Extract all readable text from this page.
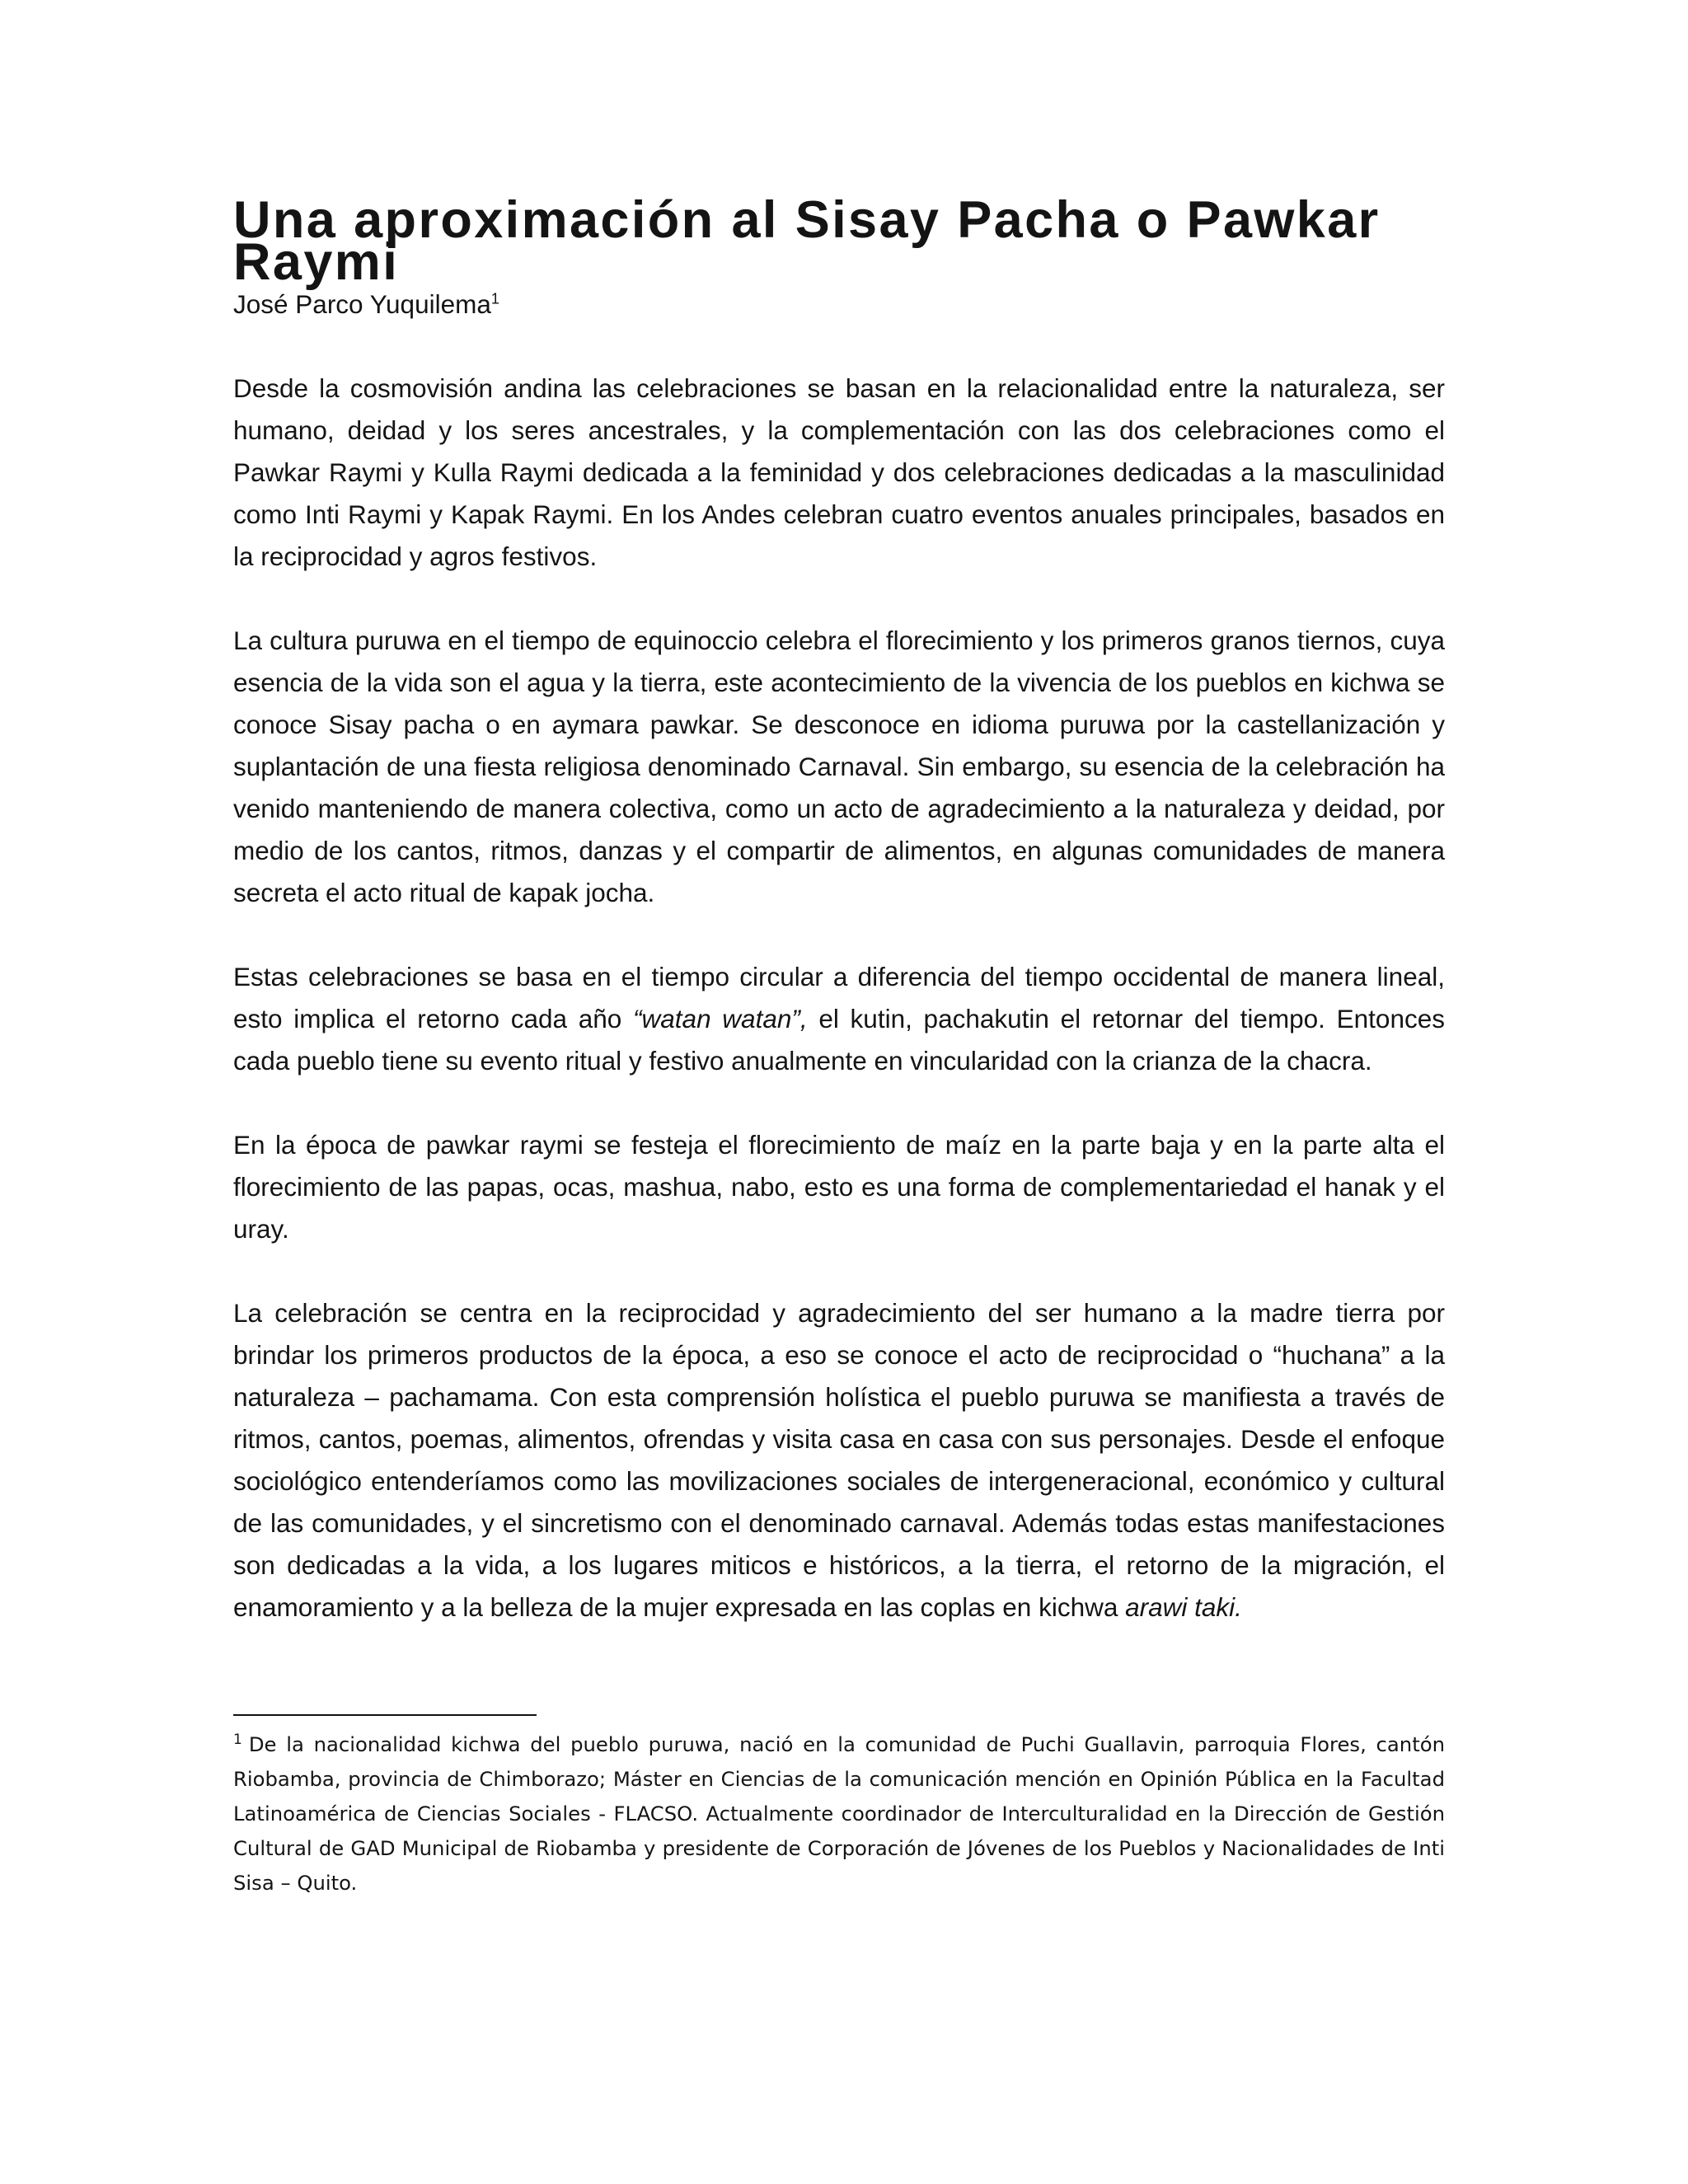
Una aproximación al Sisay Pacha o Pawkar Raymi

José Parco Yuquilema$^1$

Desde la cosmovisión andina las celebraciones se basan en la relacionalidad entre la naturaleza, ser humano, deidad y los seres ancestrales, y la complementación con las dos celebraciones como el Pawkar Raymi y Kulla Raymi dedicada a la feminidad y dos celebraciones dedicadas a la masculinidad como Inti Raymi y Kapak Raymi. En los Andes celebran cuatro eventos anuales principales, basados en la reciprocidad y agros festivos.

La cultura puruwa en el tiempo de equinoccio celebra el florecimiento y los primeros granos tiernos, cuya esencia de la vida son el agua y la tierra, este acontecimiento de la vivencia de los pueblos en kichwa se conoce Sisay pacha o en aymara pawkar. Se desconoce en idioma puruwa por la castellanización y suplantación de una fiesta religiosa denominado Carnaval. Sin embargo, su esencia de la celebración ha venido manteniendo de manera colectiva, como un acto de agradecimiento a la naturaleza y deidad, por medio de los cantos, ritmos, danzas y el compartir de alimentos, en algunas comunidades de manera secreta el acto ritual de kapak jocha.

Estas celebraciones se basa en el tiempo circular a diferencia del tiempo occidental de manera lineal, esto implica el retorno cada año “watan watan”, el kutin, pachakutin el retornar del tiempo. Entonces cada pueblo tiene su evento ritual y festivo anualmente en vincularidad con la crianza de la chacra.

En la época de pawkar raymi se festeja el florecimiento de maíz en la parte baja y en la parte alta el florecimiento de las papas, ocas, mashua, nabo, esto es una forma de complementariedad el hanak y el uray.

La celebración se centra en la reciprocidad y agradecimiento del ser humano a la madre tierra por brindar los primeros productos de la época, a eso se conoce el acto de reciprocidad o “huchana” a la naturaleza – pachamama. Con esta comprensión holística el pueblo puruwa se manifiesta a través de ritmos, cantos, poemas, alimentos, ofrendas y visita casa en casa con sus personajes. Desde el enfoque sociológico entenderíamos como las movilizaciones sociales de intergeneracional, económico y cultural de las comunidades, y el sincretismo con el denominado carnaval. Además todas estas manifestaciones son dedicadas a la vida, a los lugares miticos e históricos, a la tierra, el retorno de la migración, el enamoramiento y a la belleza de la mujer expresada en las coplas en kichwa arawi taki.

$^1$ De la nacionalidad kichwa del pueblo puruwa, nació en la comunidad de Puchi Guallavin, parroquia Flores, cantón Riobamba, provincia de Chimborazo; Máster en Ciencias de la comunicación mención en Opinión Pública en la Facultad Latinoamérica de Ciencias Sociales - FLACSO. Actualmente coordinador de Interculturalidad en la Dirección de Gestión Cultural de GAD Municipal de Riobamba y presidente de Corporación de Jóvenes de los Pueblos y Nacionalidades de Inti Sisa – Quito.
